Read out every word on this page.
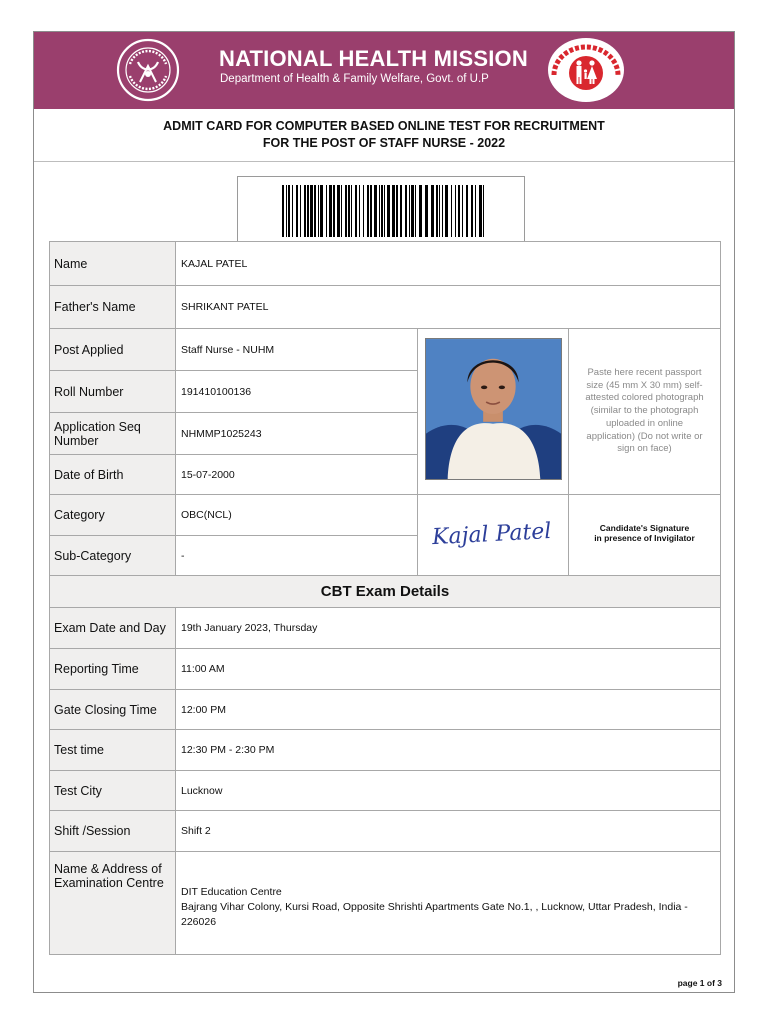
NATIONAL HEALTH MISSION
Department of Health & Family Welfare, Govt. of U.P
ADMIT CARD FOR COMPUTER BASED ONLINE TEST FOR RECRUITMENT
FOR THE POST OF STAFF NURSE - 2022
Name	KAJAL PATEL		
Father's Name	SHRIKANT PATEL		
Post Applied	Staff Nurse - NUHM		Paste here recent passport size (45 mm X 30 mm) self-attested colored photograph (similar to the photograph uploaded in online application) (Do not write or sign on face)
Roll Number	191410100136		
Application Seq Number	NHMMP1025243		
Date of Birth	15-07-2000		
Category	OBC(NCL)	Kajal Patel	Candidate's Signature
in presence of Invigilator

Sub-Category	-		
CBT Exam Details			
Exam Date and Day	19th January 2023, Thursday		
Reporting Time	11:00 AM		
Gate Closing Time	12:00 PM		
Test time	12:30 PM - 2:30 PM		
Test City	Lucknow		
Shift /Session	Shift 2		
Name & Address of Examination Centre	DIT Education Centre
Bajrang Vihar Colony, Kursi Road, Opposite Shrishti Apartments Gate No.1, , Lucknow, Uttar Pradesh, India - 226026		
page 1 of 3
